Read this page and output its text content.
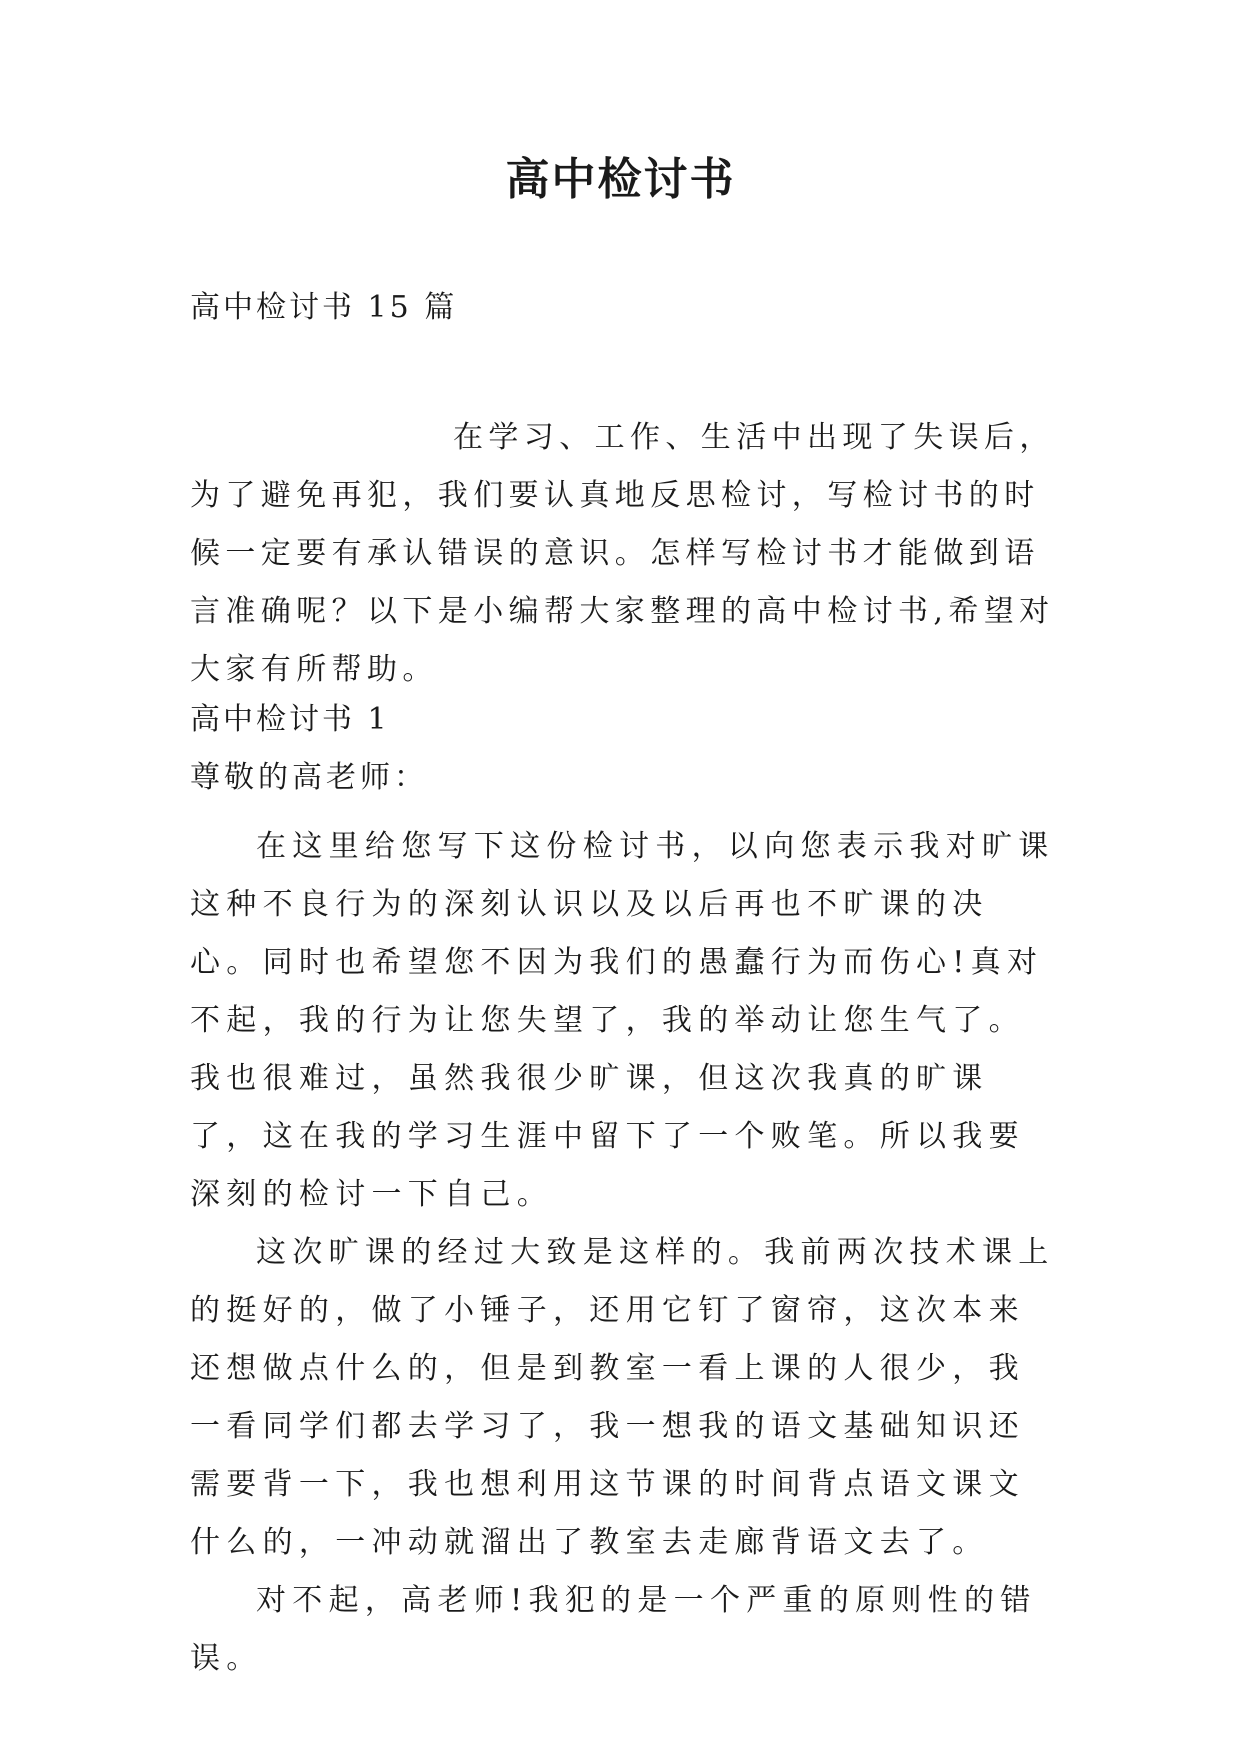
高中检讨书
高中检讨书 15 篇
在学习、工作、生活中出现了失误后，为了避免再犯，我们要认真地反思检讨，写检讨书的时候一定要有承认错误的意识。怎样写检讨书才能做到语言准确呢？以下是小编帮大家整理的高中检讨书,希望对大家有所帮助。

高中检讨书 1

尊敬的高老师：

在这里给您写下这份检讨书，以向您表示我对旷课这种不良行为的深刻认识以及以后再也不旷课的决心。同时也希望您不因为我们的愚蠢行为而伤心!真对不起，我的行为让您失望了，我的举动让您生气了。我也很难过，虽然我很少旷课，但这次我真的旷课了，这在我的学习生涯中留下了一个败笔。所以我要深刻的检讨一下自己。

这次旷课的经过大致是这样的。我前两次技术课上的挺好的，做了小锤子，还用它钉了窗帘，这次本来还想做点什么的，但是到教室一看上课的人很少，我一看同学们都去学习了，我一想我的语文基础知识还需要背一下，我也想利用这节课的时间背点语文课文什么的，一冲动就溜出了教室去走廊背语文去了。

对不起，高老师!我犯的是一个严重的原则性的错误。
